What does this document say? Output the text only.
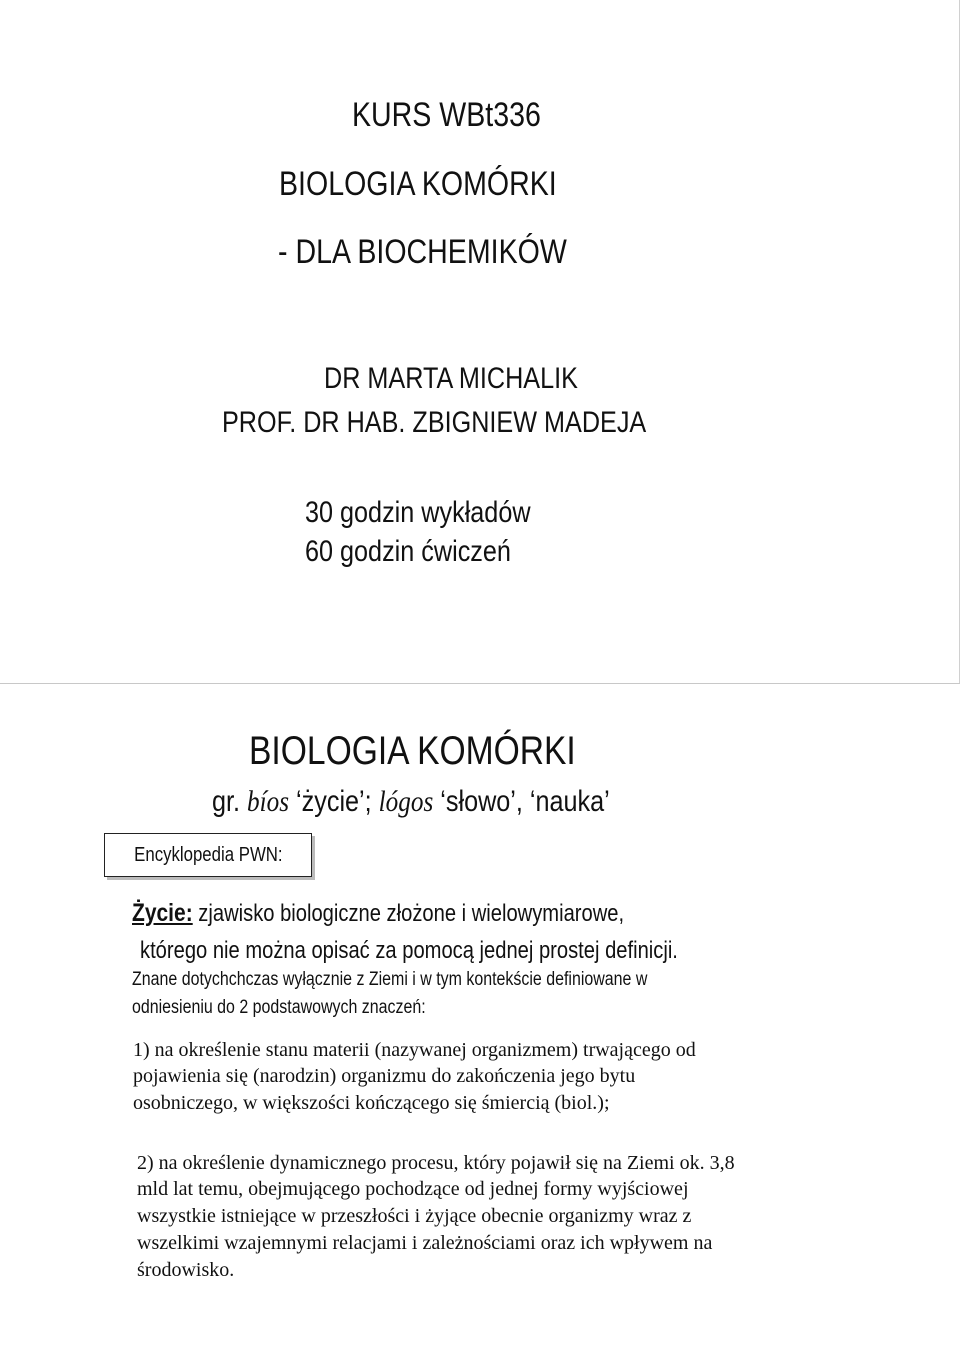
KURS WBt336
BIOLOGIA KOMÓRKI
- DLA BIOCHEMIKÓW
DR MARTA MICHALIK
PROF. DR HAB. ZBIGNIEW MADEJA
30 godzin wykładów
60 godzin ćwiczeń
BIOLOGIA KOMÓRKI
gr. bíos ‘życie’; lógos ‘słowo’, ‘nauka’
Encyklopedia PWN:
Życie: zjawisko biologiczne złożone i wielowymiarowe,
którego nie można opisać za pomocą jednej prostej definicji.
Znane dotychchczas wyłącznie z Ziemi i w tym kontekście definiowane w
odniesieniu do 2 podstawowych znaczeń:
1) na określenie stanu materii (nazywanej organizmem) trwającego od
pojawienia się (narodzin) organizmu do zakończenia jego bytu
osobniczego, w większości kończącego się śmiercią (biol.);
2) na określenie dynamicznego procesu, który pojawił się na Ziemi ok. 3,8
mld lat temu, obejmującego pochodzące od jednej formy wyjściowej
wszystkie istniejące w przeszłości i żyjące obecnie organizmy wraz z
wszelkimi wzajemnymi relacjami i zależnościami oraz ich wpływem na
środowisko.
